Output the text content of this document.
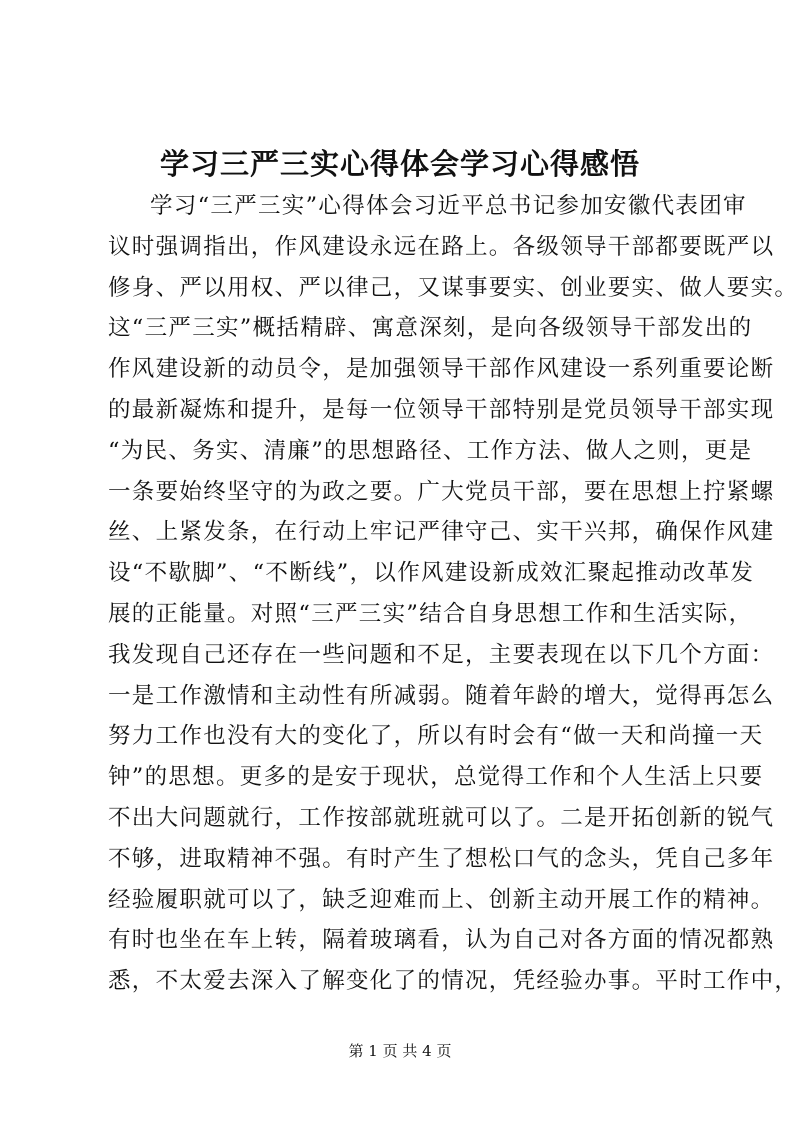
学习三严三实心得体会学习心得感悟
学习“三严三实”心得体会习近平总书记参加安徽代表团审
议时强调指出，作风建设永远在路上。各级领导干部都要既严以
修身、严以用权、严以律己，又谋事要实、创业要实、做人要实。
这“三严三实”概括精辟、寓意深刻，是向各级领导干部发出的
作风建设新的动员令，是加强领导干部作风建设一系列重要论断
的最新凝炼和提升，是每一位领导干部特别是党员领导干部实现
“为民、务实、清廉”的思想路径、工作方法、做人之则，更是
一条要始终坚守的为政之要。广大党员干部，要在思想上拧紧螺
丝、上紧发条，在行动上牢记严律守己、实干兴邦，确保作风建
设“不歇脚”、“不断线”，以作风建设新成效汇聚起推动改革发
展的正能量。对照“三严三实”结合自身思想工作和生活实际，
我发现自己还存在一些问题和不足，主要表现在以下几个方面：
一是工作激情和主动性有所减弱。随着年龄的增大，觉得再怎么
努力工作也没有大的变化了，所以有时会有“做一天和尚撞一天
钟”的思想。更多的是安于现状，总觉得工作和个人生活上只要
不出大问题就行，工作按部就班就可以了。二是开拓创新的锐气
不够，进取精神不强。有时产生了想松口气的念头，凭自己多年
经验履职就可以了，缺乏迎难而上、创新主动开展工作的精神。
有时也坐在车上转，隔着玻璃看，认为自己对各方面的情况都熟
悉，不太爱去深入了解变化了的情况，凭经验办事。平时工作中，
第 1 页 共 4 页
